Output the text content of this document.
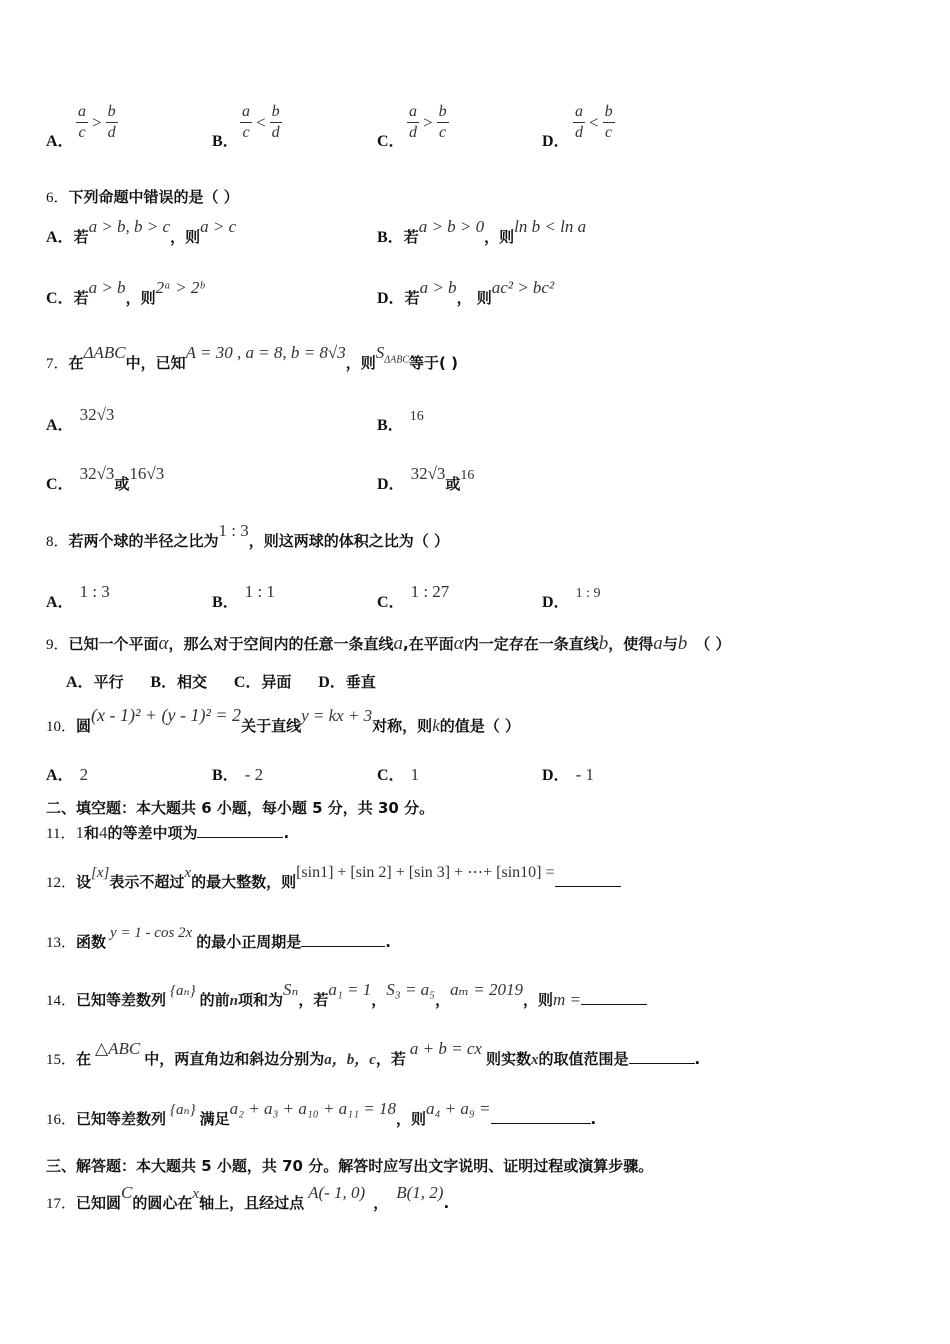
A． $\frac{a}{c} > \frac{b}{d}$	B． $\frac{a}{c} < \frac{b}{d}$	C． $\frac{a}{d} > \frac{b}{c}$	D． $\frac{a}{d} < \frac{b}{c}$
6．下列命题中错误的是（ ）
A．若a > b, b > c，则a > c
B．若a > b > 0，则ln b < ln a
C．若a > b，则2ᵃ > 2ᵇ
D．若a > b， 则ac² > bc²
7．在ΔABC中，已知A = 30 , a = 8, b = 8√3，则$S_{\Delta ABC}$等于( )
A．32√3
B．16
C．32√3或16√3
D．32√3或16
8．若两个球的半径之比为1 : 3，则这两球的体积之比为（ ）
A．1 : 3
B．1 : 1
C．1 : 27
D．1 : 9
9．已知一个平面α，那么对于空间内的任意一条直线a,在平面α内一定存在一条直线b，使得a与b （ ）
A．平行 B．相交 C．异面 D．垂直
10．圆(x - 1)² + (y - 1)² = 2关于直线y = kx + 3对称，则k的值是（ ）
A． 2	B． - 2	C． 1	D． - 1
二、填空题：本大题共 6 小题，每小题 5 分，共 30 分。
11．1和4的等差中项为	.
12．设[x]表示不超过x的最大整数，则[sin1] + [sin 2] + [sin 3] + ⋯+ [sin10] =
13．函数 y = 1 - cos 2x 的最小正周期是	.
14．已知等差数列 {aₙ} 的前n项和为Sₙ，若a₁ = 1，S₃ = a₅，aₘ = 2019，则m =
15．在△ABC中，两直角边和斜边分别为a，b，c，若a + b = cx则实数x的取值范围是	.
16．已知等差数列 {aₙ} 满足a₂ + a₃ + a₁₀ + a₁₁ = 18，则a₄ + a₉ =.
三、解答题：本大题共 5 小题，共 70 分。解答时应写出文字说明、证明过程或演算步骤。
17．已知圆C的圆心在x轴上，且经过点A(- 1, 0)，B(1, 2).
